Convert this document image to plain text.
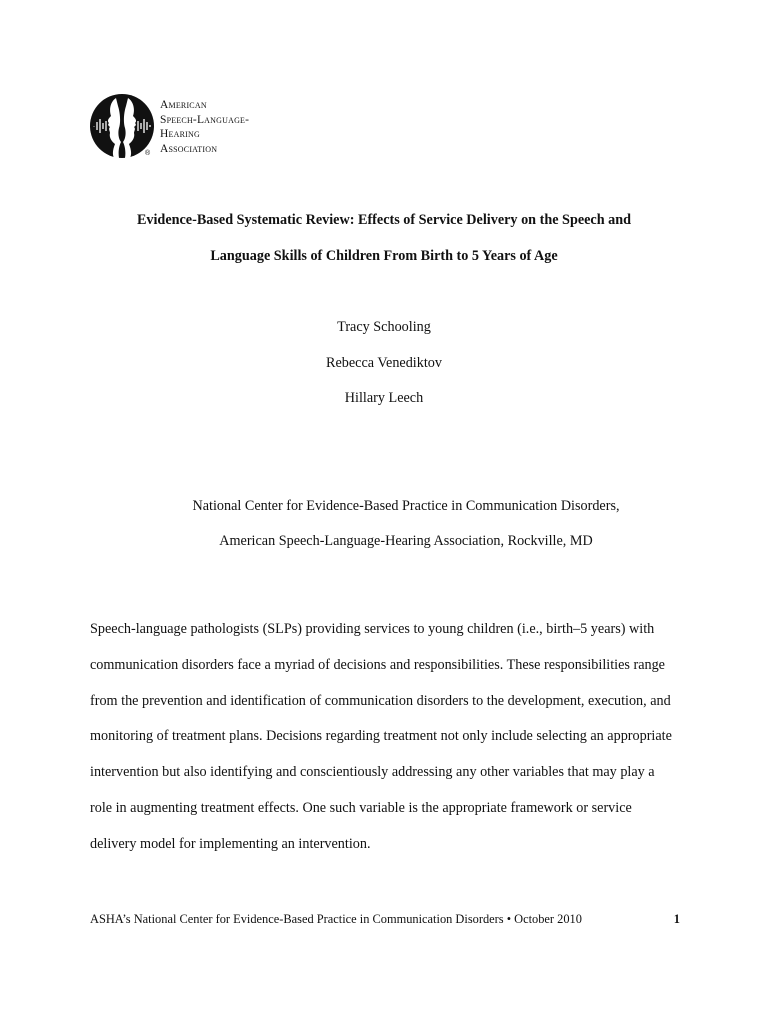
®
American
Speech-Language-
Hearing
Association
Evidence-Based Systematic Review: Effects of Service Delivery on the Speech and
Language Skills of Children From Birth to 5 Years of Age
Tracy Schooling
Rebecca Venediktov
Hillary Leech
National Center for Evidence-Based Practice in Communication Disorders,
American Speech-Language-Hearing Association, Rockville, MD

Speech-language pathologists (SLPs) providing services to young children (i.e., birth–5 years) with communication disorders face a myriad of decisions and responsibilities. These responsibilities range from the prevention and identification of communication disorders to the development, execution, and monitoring of treatment plans. Decisions regarding treatment not only include selecting an appropriate intervention but also identifying and conscientiously addressing any other variables that may play a role in augmenting treatment effects. One such variable is the appropriate framework or service delivery model for implementing an intervention.

ASHA’s National Center for Evidence-Based Practice in Communication Disorders • October 2010	1
